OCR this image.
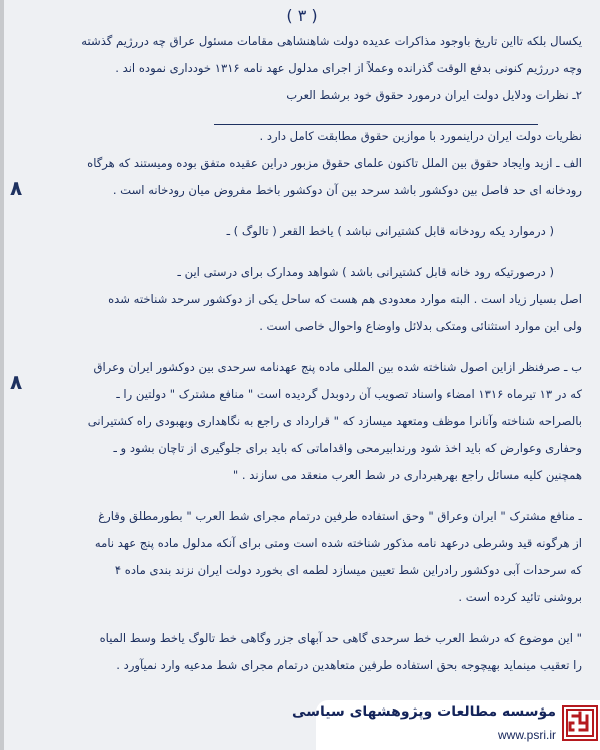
( ٣ )
یکسال بلکه تااین تاریخ باوجود مذاکرات عدیده دولت شاهنشاهی مقامات مسئول عراق چه دررژیم گذشته
وچه دررژیم کنونی بدفع الوقت گذرانده وعملاً از اجرای مدلول عهد نامه ۱۳۱۶ خودداری نموده اند .
۲ـ نظرات ودلایل دولت ایران درمورد حقوق خود برشط العرب
نظریات دولت ایران دراینمورد با موازین حقوق مطابقت کامل دارد .
الف ـ ازید وایجاد حقوق بین الملل تاکنون علمای حقوق مزبور دراین عقیده متفق بوده ومیستند که هرگاه
رودخانه ای حد فاصل بین دوکشور باشد سرحد بین آن دوکشور باخط مفروض میان رودخانه است .
( درموارد یکه رودخانه قابل کشتیرانی نباشد ) یاخط القعر ( تالوگ ) ـ
( درصورتیکه رود خانه قابل کشتیرانی باشد ) شواهد ومدارک برای درستی این ـ
اصل بسیار زیاد است . البته موارد معدودی هم هست که ساحل یکی از دوکشور سرحد شناخته شده
ولی این موارد استثنائی ومتکی بدلائل واوضاع واحوال خاصی است .
ب ـ صرفنظر ازاین اصول شناخته شده بین المللی ماده پنج عهدنامه سرحدی بین دوکشور ایران وعراق
که در ۱۳ تیرماه ۱۳۱۶ امضاء واسناد تصویب آن ردوبدل گردیده است " منافع مشترک " دولتین را ـ
بالصراحه شناخته وآنانرا موظف ومتعهد میسازد که " قرارداد ی راجع به نگاهداری وبهبودی راه کشتیرانی
وحفاری وعوارض که باید اخذ شود ورندابیرمحی واقداماتی که باید برای جلوگیری از تاچان بشود و ـ
همچنین کلیه مسائل راجع بهرهبرداری در شط العرب منعقد می سازند . "
ـ منافع مشترک " ایران وعراق " وحق استفاده طرفین درتمام مجرای شط العرب " بطورمطلق وقارغ
از هرگونه قید وشرطی درعهد نامه مذکور شناخته شده است ومتی برای آنکه مدلول ماده پنج عهد نامه
که سرحدات آبی دوکشور رادراین شط تعیین میسازد لطمه ای بخورد دولت ایران نزند بندی ماده ۴
بروشنی تائید کرده است .
" این موضوع که درشط العرب خط سرحدی گاهی حد آبهای جزر وگاهی خط تالوگ یاخط وسط المیاه
را تعقیب مینماید بهیچوجه بحق استفاده طرفین متعاهدین درتمام مجرای شط مدعیه وارد نمیآورد .
٨
٨
مؤسسه مطالعات وپژوهشهای سیاسی
www.psri.ir
